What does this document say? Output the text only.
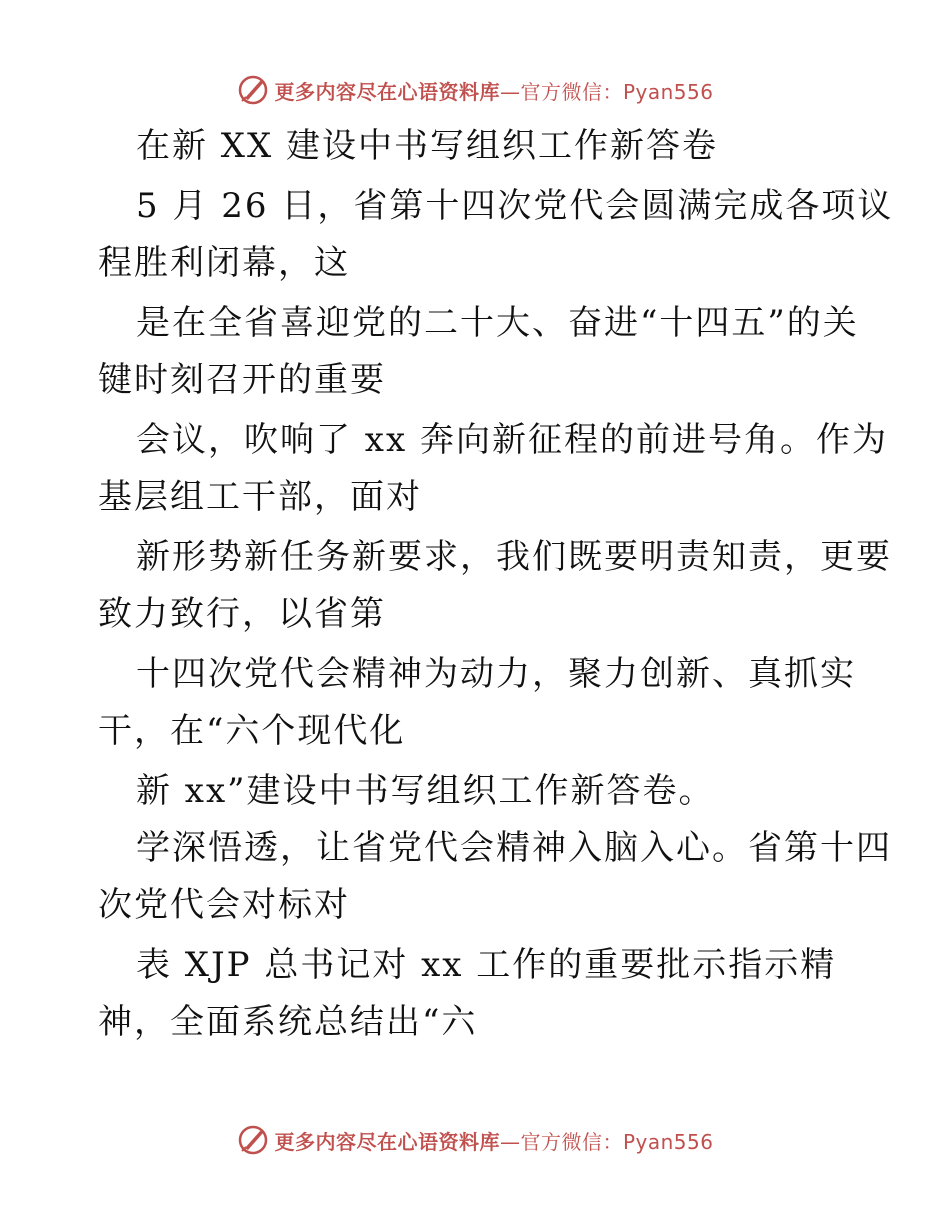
更多内容尽在心语资料库—官方微信：Pyan556
在新 XX 建设中书写组织工作新答卷
5 月 26 日，省第十四次党代会圆满完成各项议
程胜利闭幕，这
是在全省喜迎党的二十大、奋进“十四五”的关
键时刻召开的重要
会议，吹响了 xx 奔向新征程的前进号角。作为
基层组工干部，面对
新形势新任务新要求，我们既要明责知责，更要
致力致行，以省第
十四次党代会精神为动力，聚力创新、真抓实
干，在“六个现代化
新 xx”建设中书写组织工作新答卷。
学深悟透，让省党代会精神入脑入心。省第十四
次党代会对标对
表 XJP 总书记对 xx 工作的重要批示指示精
神，全面系统总结出“六
更多内容尽在心语资料库—官方微信：Pyan556
